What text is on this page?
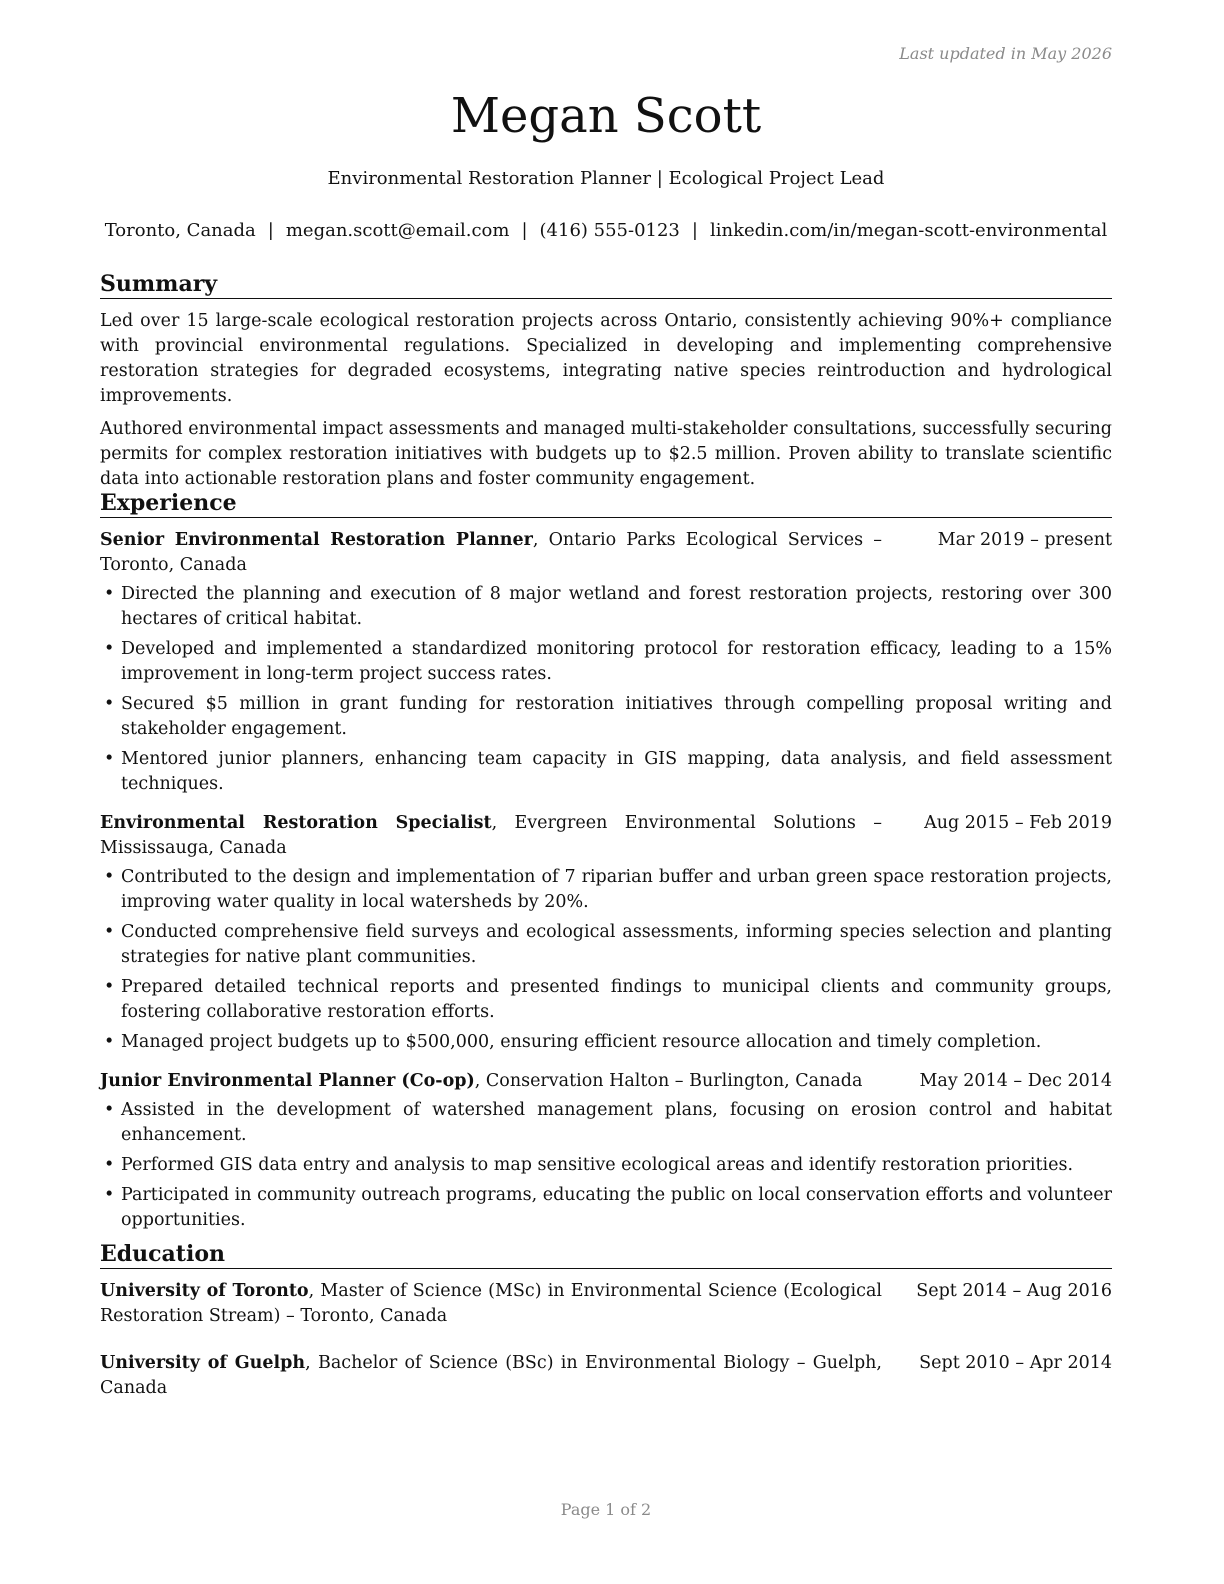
Last updated in May 2026
Megan Scott
Environmental Restoration Planner | Ecological Project Lead
Toronto, Canada | megan.scott@email.com | (416) 555-0123 | linkedin.com/in/megan-scott-environmental
Summary

Led over 15 large-scale ecological restoration projects across Ontario, consistently achieving 90%+ compliance with provincial environmental regulations. Specialized in developing and implementing comprehensive restoration strategies for degraded ecosystems, integrating native species reintroduction and hydrological improvements.

Authored environmental impact assessments and managed multi-stakeholder consultations, successfully securing permits for complex restoration initiatives with budgets up to $2.5 million. Proven ability to translate scientific data into actionable restoration plans and foster community engagement.

Experience
Senior Environmental Restoration Planner, Ontario Parks Ecological Services – Toronto, Canada
Mar 2019 – present
• Directed the planning and execution of 8 major wetland and forest restoration projects, restoring over 300 hectares of critical habitat.
• Developed and implemented a standardized monitoring protocol for restoration efficacy, leading to a 15% improvement in long-term project success rates.
• Secured $5 million in grant funding for restoration initiatives through compelling proposal writing and stakeholder engagement.
• Mentored junior planners, enhancing team capacity in GIS mapping, data analysis, and field assessment techniques.
Environmental Restoration Specialist, Evergreen Environmental Solutions – Mississauga, Canada
Aug 2015 – Feb 2019
• Contributed to the design and implementation of 7 riparian buffer and urban green space restoration projects, improving water quality in local watersheds by 20%.
• Conducted comprehensive field surveys and ecological assessments, informing species selection and planting strategies for native plant communities.
• Prepared detailed technical reports and presented findings to municipal clients and community groups, fostering collaborative restoration efforts.
• Managed project budgets up to $500,000, ensuring efficient resource allocation and timely completion.
Junior Environmental Planner (Co-op), Conservation Halton – Burlington, Canada	May 2014 – Dec 2014
• Assisted in the development of watershed management plans, focusing on erosion control and habitat enhancement.
• Performed GIS data entry and analysis to map sensitive ecological areas and identify restoration priorities.
• Participated in community outreach programs, educating the public on local conservation efforts and volunteer opportunities.
Education
University of Toronto, Master of Science (MSc) in Environmental Science (Ecological Restoration Stream) – Toronto, Canada
Sept 2014 – Aug 2016
University of Guelph, Bachelor of Science (BSc) in Environmental Biology – Guelph, Canada
Sept 2010 – Apr 2014
Page 1 of 2
